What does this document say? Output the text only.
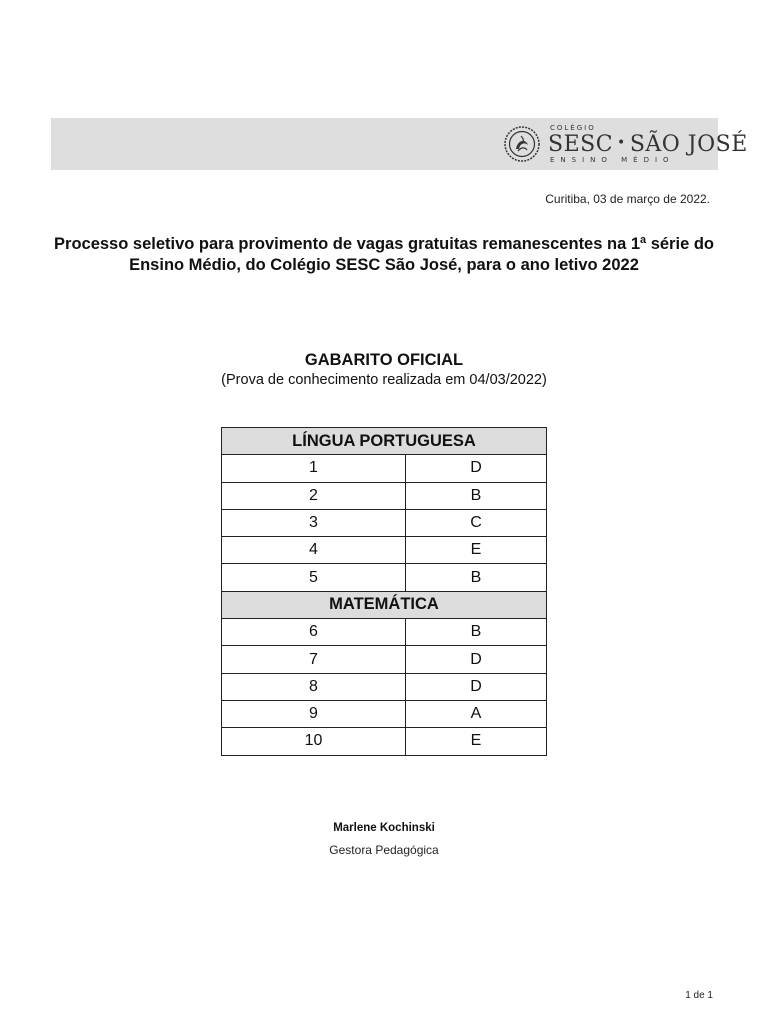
COLÉGIO
SESC • SÃO JOSÉ
ENSINO MÉDIO
Curitiba, 03 de março de 2022.
Processo seletivo para provimento de vagas gratuitas remanescentes na 1ª série do Ensino Médio, do Colégio SESC São José, para o ano letivo 2022
GABARITO OFICIAL
(Prova de conhecimento realizada em 04/03/2022)
LÍNGUA PORTUGUESA	
1	D
2	B
3	C
4	E
5	B
MATEMÁTICA	
6	B
7	D
8	D
9	A
10	E
Marlene Kochinski
Gestora Pedagógica
1 de 1
